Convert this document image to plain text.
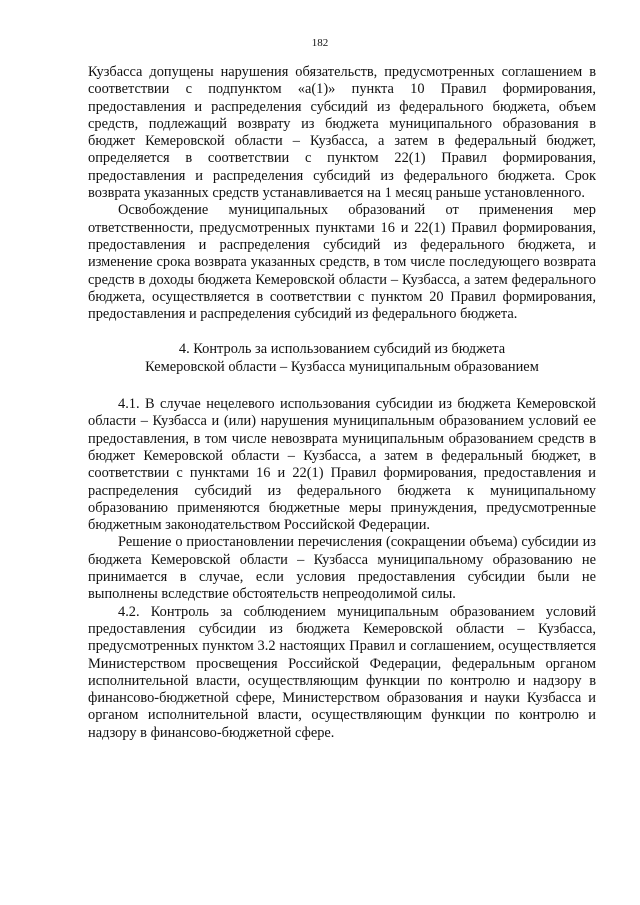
182

Кузбасса допущены нарушения обязательств, предусмотренных соглашением в соответствии с подпунктом «а(1)» пункта 10 Правил формирования, предоставления и распределения субсидий из федерального бюджета, объем средств, подлежащий возврату из бюджета муниципального образования в бюджет Кемеровской области – Кузбасса, а затем в федеральный бюджет, определяется в соответствии с пунктом 22(1) Правил формирования, предоставления и распределения субсидий из федерального бюджета. Срок возврата указанных средств устанавливается на 1 месяц раньше установленного.

Освобождение муниципальных образований от применения мер ответственности, предусмотренных пунктами 16 и 22(1) Правил формирования, предоставления и распределения субсидий из федерального бюджета, и изменение срока возврата указанных средств, в том числе последующего возврата средств в доходы бюджета Кемеровской области – Кузбасса, а затем федерального бюджета, осуществляется в соответствии с пунктом 20 Правил формирования, предоставления и распределения субсидий из федерального бюджета.

4. Контроль за использованием субсидий из бюджета
Кемеровской области – Кузбасса муниципальным образованием

4.1. В случае нецелевого использования субсидии из бюджета Кемеровской области – Кузбасса и (или) нарушения муниципальным образованием условий ее предоставления, в том числе невозврата муниципальным образованием средств в бюджет Кемеровской области – Кузбасса, а затем в федеральный бюджет, в соответствии с пунктами 16 и 22(1) Правил формирования, предоставления и распределения субсидий из федерального бюджета к муниципальному образованию применяются бюджетные меры принуждения, предусмотренные бюджетным законодательством Российской Федерации.

Решение о приостановлении перечисления (сокращении объема) субсидии из бюджета Кемеровской области – Кузбасса муниципальному образованию не принимается в случае, если условия предоставления субсидии были не выполнены вследствие обстоятельств непреодолимой силы.

4.2. Контроль за соблюдением муниципальным образованием условий предоставления субсидии из бюджета Кемеровской области – Кузбасса, предусмотренных пунктом 3.2 настоящих Правил и соглашением, осуществляется Министерством просвещения Российской Федерации, федеральным органом исполнительной власти, осуществляющим функции по контролю и надзору в финансово-бюджетной сфере, Министерством образования и науки Кузбасса и органом исполнительной власти, осуществляющим функции по контролю и надзору в финансово-бюджетной сфере.
